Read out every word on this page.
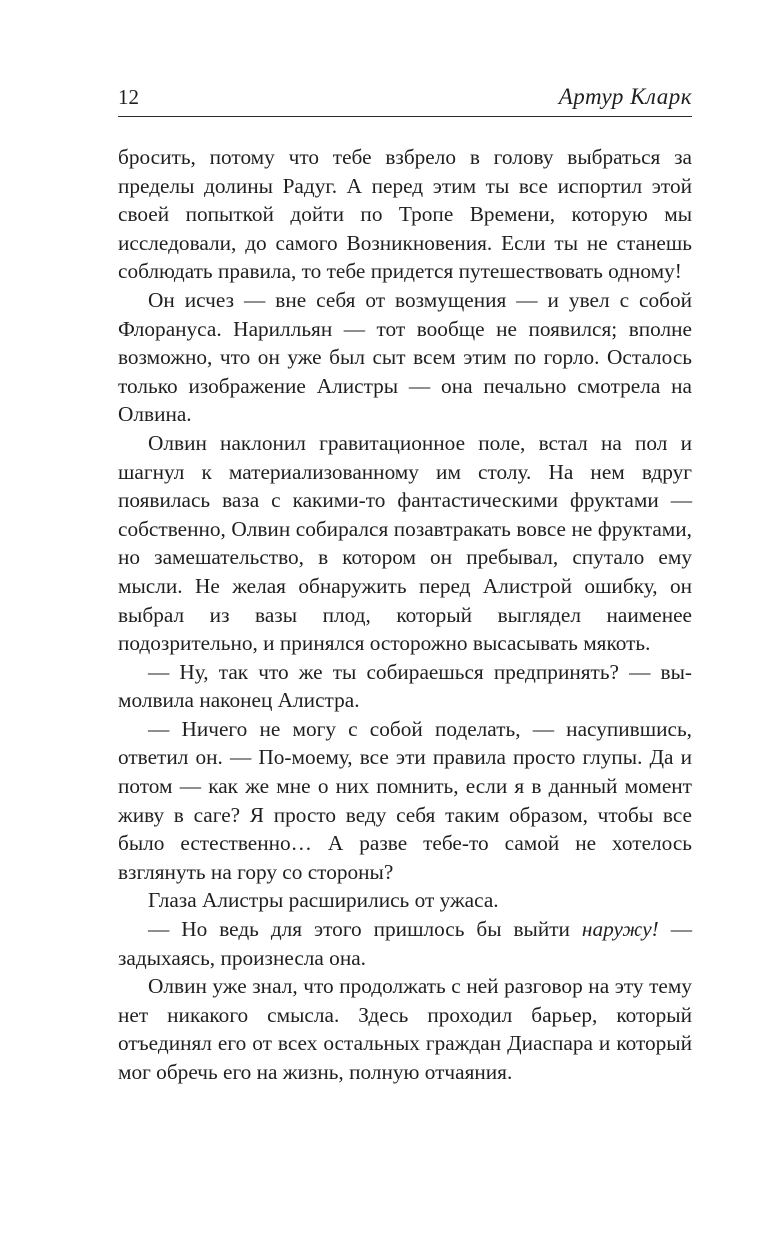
12	Артур Кларк

бросить, потому что тебе взбрело в голову выбраться за пределы долины Радуг. А перед этим ты все испортил этой своей попыткой дойти по Тропе Времени, которую мы исследовали, до самого Возникновения. Если ты не станешь соблюдать правила, то тебе придется путешествовать одному!

Он исчез — вне себя от возмущения — и увел с собой Флорануса. Нарилльян — тот вообще не появился; вполне возможно, что он уже был сыт всем этим по горло. Осталось только изображение Алистры — она печально смотрела на Олвина.

Олвин наклонил гравитационное поле, встал на пол и шагнул к материализованному им столу. На нем вдруг появилась ваза с какими-то фантастическими фруктами — собственно, Олвин собирался позавтракать вовсе не фруктами, но замешательство, в котором он пребывал, спутало ему мысли. Не желая обнаружить перед Алистрой ошибку, он выбрал из вазы плод, который выглядел наименее подозрительно, и принялся осторожно высасывать мякоть.

— Ну, так что же ты собираешься предпринять? — вымолвила наконец Алистра.

— Ничего не могу с собой поделать, — насупившись, ответил он. — По-моему, все эти правила просто глупы. Да и потом — как же мне о них помнить, если я в данный момент живу в саге? Я просто веду себя таким образом, чтобы все было естественно… А разве тебе-то самой не хотелось взглянуть на гору со стороны?

Глаза Алистры расширились от ужаса.

— Но ведь для этого пришлось бы выйти наружу! — задыхаясь, произнесла она.

Олвин уже знал, что продолжать с ней разговор на эту тему нет никакого смысла. Здесь проходил барьер, который отъединял его от всех остальных граждан Диаспара и который мог обречь его на жизнь, полную отчаяния.
